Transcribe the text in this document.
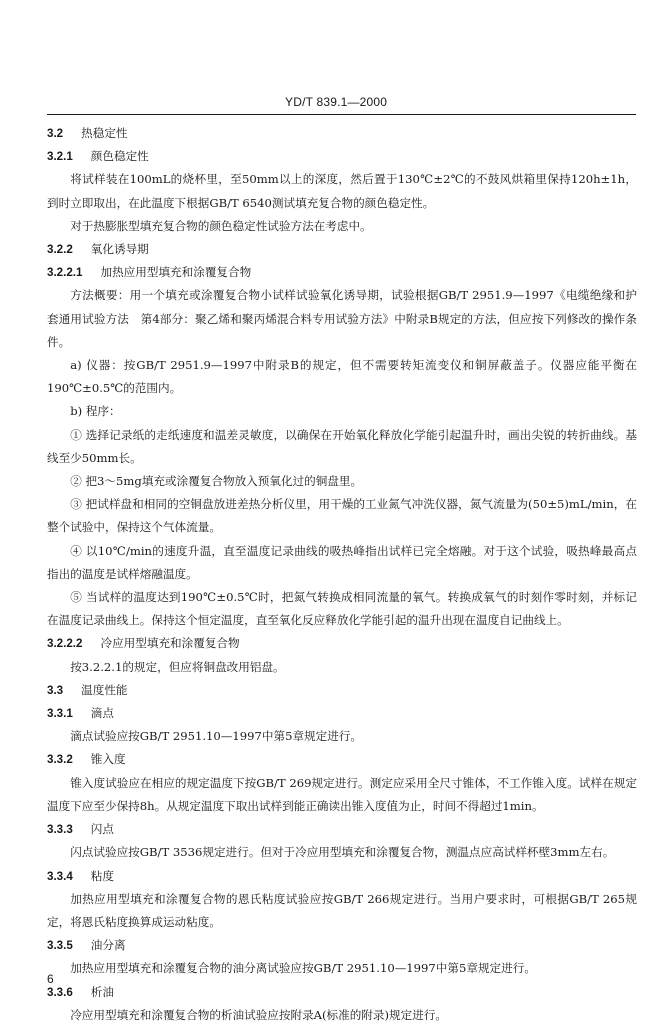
YD/T 839.1—2000
3.2 热稳定性
3.2.1 颜色稳定性
将试样装在100mL的烧杯里，至50mm以上的深度，然后置于130℃±2℃的不鼓风烘箱里保持120h±1h，到时立即取出，在此温度下根据GB/T 6540测试填充复合物的颜色稳定性。
对于热膨胀型填充复合物的颜色稳定性试验方法在考虑中。
3.2.2 氧化诱导期
3.2.2.1 加热应用型填充和涂覆复合物
方法概要：用一个填充或涂覆复合物小试样试验氧化诱导期，试验根据GB/T 2951.9—1997《电缆绝缘和护套通用试验方法　第4部分：聚乙烯和聚丙烯混合料专用试验方法》中附录B规定的方法，但应按下列修改的操作条件。
a) 仪器：按GB/T 2951.9—1997中附录B的规定，但不需要转矩流变仪和铜屏蔽盖子。仪器应能平衡在190℃±0.5℃的范围内。
b) 程序：
① 选择记录纸的走纸速度和温差灵敏度，以确保在开始氧化释放化学能引起温升时，画出尖锐的转折曲线。基线至少50mm长。
② 把3～5mg填充或涂覆复合物放入预氧化过的铜盘里。
③ 把试样盘和相同的空铜盘放进差热分析仪里，用干燥的工业氮气冲洗仪器，氮气流量为(50±5)mL/min，在整个试验中，保持这个气体流量。
④ 以10℃/min的速度升温，直至温度记录曲线的吸热峰指出试样已完全熔融。对于这个试验，吸热峰最高点指出的温度是试样熔融温度。
⑤ 当试样的温度达到190℃±0.5℃时，把氮气转换成相同流量的氧气。转换成氧气的时刻作零时刻，并标记在温度记录曲线上。保持这个恒定温度，直至氧化反应释放化学能引起的温升出现在温度自记曲线上。
3.2.2.2 冷应用型填充和涂覆复合物
按3.2.2.1的规定，但应将铜盘改用铝盘。
3.3 温度性能
3.3.1 滴点
滴点试验应按GB/T 2951.10—1997中第5章规定进行。
3.3.2 锥入度
锥入度试验应在相应的规定温度下按GB/T 269规定进行。测定应采用全尺寸锥体，不工作锥入度。试样在规定温度下应至少保持8h。从规定温度下取出试样到能正确读出锥入度值为止，时间不得超过1min。
3.3.3 闪点
闪点试验应按GB/T 3536规定进行。但对于冷应用型填充和涂覆复合物，测温点应高试样杯壁3mm左右。
3.3.4 粘度
加热应用型填充和涂覆复合物的恩氏粘度试验应按GB/T 266规定进行。当用户要求时，可根据GB/T 265规定，将恩氏粘度换算成运动粘度。
3.3.5 油分离
加热应用型填充和涂覆复合物的油分离试验应按GB/T 2951.10—1997中第5章规定进行。
3.3.6 析油
冷应用型填充和涂覆复合物的析油试验应按附录A(标准的附录)规定进行。
6
